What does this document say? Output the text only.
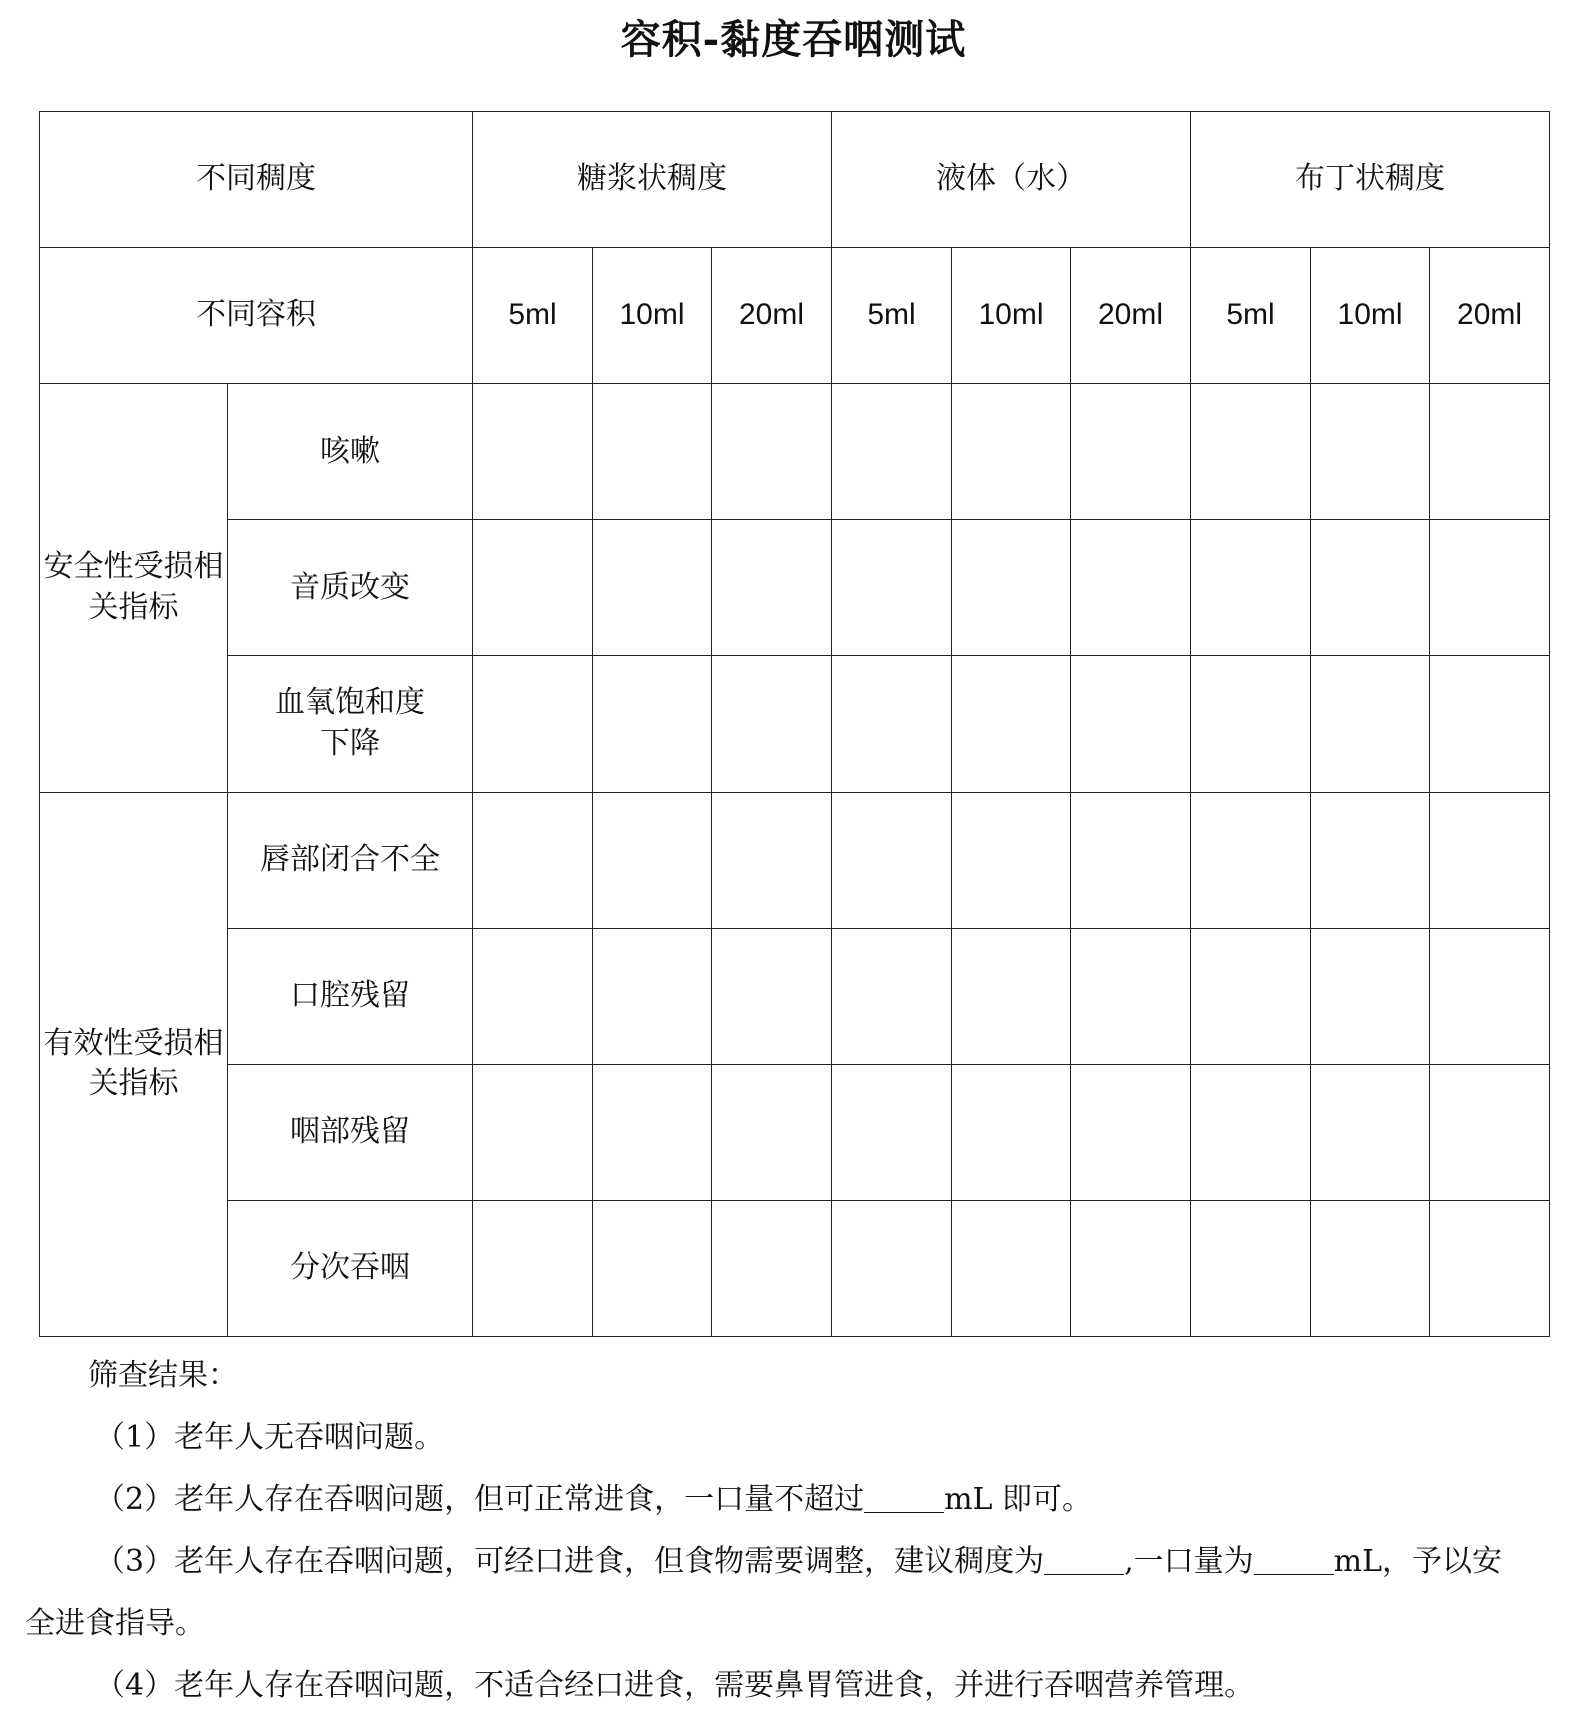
容积-黏度吞咽测试
不同稠度		糖浆状稠度			液体（水）			布丁状稠度		
不同容积		5ml	10ml	20ml	5ml	10ml	20ml	5ml	10ml	20ml
安全性受损相关指标	咳嗽									
	音质改变									
	血氧饱和度下降									
有效性受损相关指标	唇部闭合不全									
	口腔残留									
	咽部残留									
	分次吞咽									

筛查结果：

（1）老年人无吞咽问题。

（2）老年人存在吞咽问题，但可正常进食，一口量不超过	mL 即可。

（3）老年人存在吞咽问题，可经口进食，但食物需要调整，建议稠度为	,一口量为	mL，予以安

全进食指导。

（4）老年人存在吞咽问题，不适合经口进食，需要鼻胃管进食，并进行吞咽营养管理。
